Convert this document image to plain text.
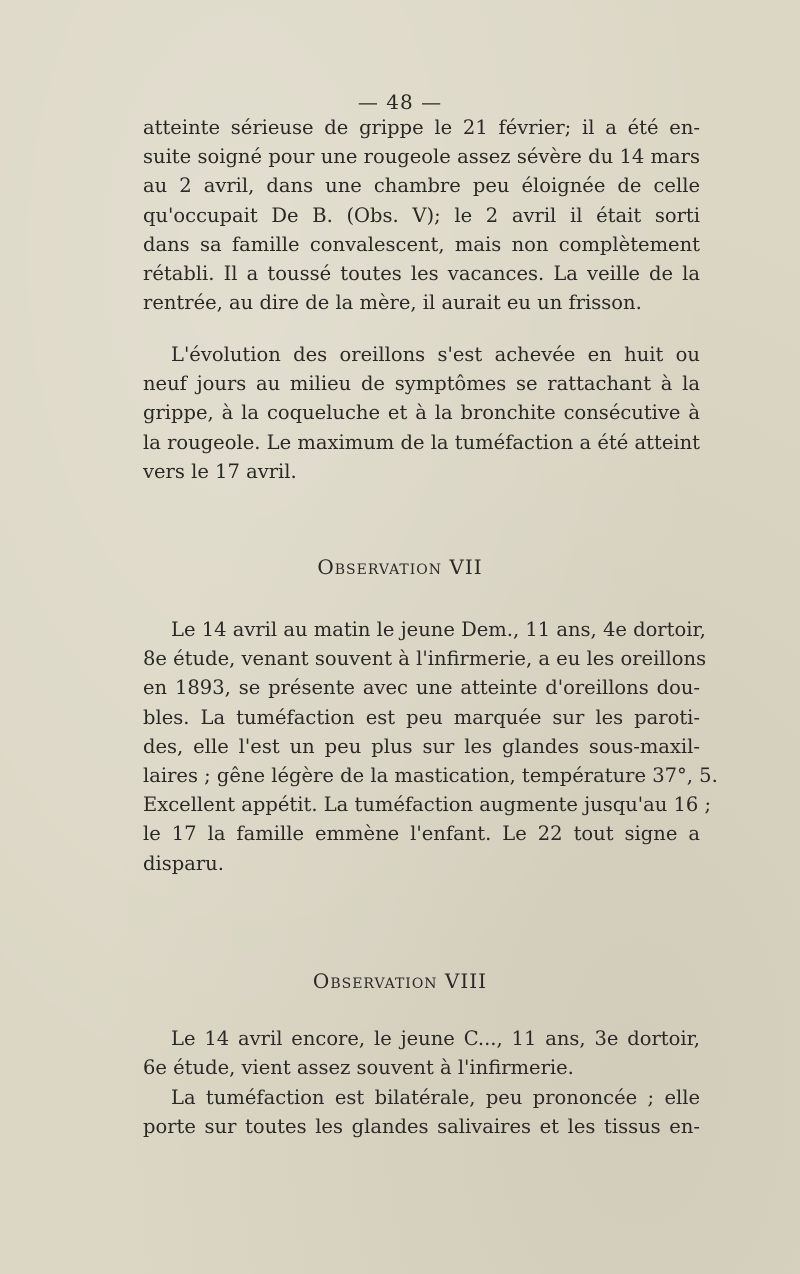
— 48 —

atteinte sérieuse de grippe le 21 février; il a été en-
suite soigné pour une rougeole assez sévère du 14 mars
au 2 avril, dans une chambre peu éloignée de celle
qu'occupait De B. (Obs. V); le 2 avril il était sorti
dans sa famille convalescent, mais non complètement
rétabli. Il a toussé toutes les vacances. La veille de la
rentrée, au dire de la mère, il aurait eu un frisson.

L'évolution des oreillons s'est achevée en huit ou
neuf jours au milieu de symptômes se rattachant à la
grippe, à la coqueluche et à la bronchite consécutive à
la rougeole. Le maximum de la tuméfaction a été atteint
vers le 17 avril.

Observation VII

Le 14 avril au matin le jeune Dem., 11 ans, 4e dortoir,
8e étude, venant souvent à l'infirmerie, a eu les oreillons
en 1893, se présente avec une atteinte d'oreillons dou-
bles. La tuméfaction est peu marquée sur les paroti-
des, elle l'est un peu plus sur les glandes sous-maxil-
laires ; gêne légère de la mastication, température 37°, 5.
Excellent appétit. La tuméfaction augmente jusqu'au 16 ;
le 17 la famille emmène l'enfant. Le 22 tout signe a
disparu.

Observation VIII

Le 14 avril encore, le jeune C..., 11 ans, 3e dortoir,
6e étude, vient assez souvent à l'infirmerie.

La tuméfaction est bilatérale, peu prononcée ; elle
porte sur toutes les glandes salivaires et les tissus en-
